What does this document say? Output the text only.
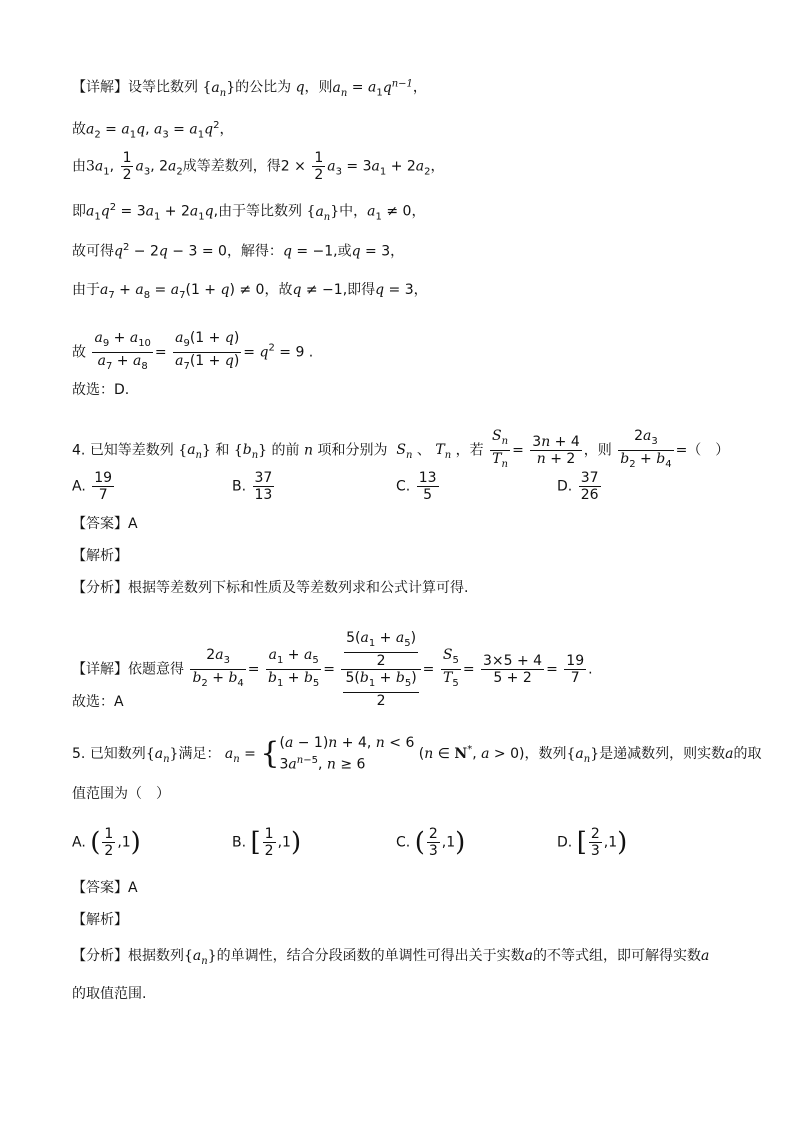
【详解】设等比数列 $\{a_n\}$的公比为 q，则$a_n = a_1q^{n-1}$，
故$a_2 = a_1q$, $a_3 = a_1q^2$，
由$3a_1$, $\frac{1}{2} a_3$, $2a_2$成等差数列，得$2 \times \frac{1}{2} a_3 = 3a_1 + 2a_2$，
即$a_1q^2 = 3a_1 + 2a_1q$,由于等比数列 $\{a_n\}$中，$a_1 \ne 0$，
故可得$q^2 - 2q - 3 = 0$，解得：q = −1,或q = 3，
由于$a_7 + a_8 = a_7(1 + q) \ne 0$，故q ≠ −1,即得q = 3，
故 $\frac{a_9 + a_{10}}{a_7 + a_8} = \frac{a_9(1 + q)}{a_7(1 + q)} = q^2 = 9$ .
故选：D.
4. 已知等差数列 $\{a_n\}$ 和 $\{b_n\}$ 的前 n 项和分别为 $S_n$ 、 $T_n$ ，若 $\frac{S_n}{T_n} = \frac{3n + 4}{n + 2}$ ，则 $\frac{2a_3}{b_2 + b_4}$ =（　）
A. $\frac{19}{7}$	B. $\frac{37}{13}$	C. $\frac{13}{5}$	D. $\frac{37}{26}$
【答案】A
【解析】
【分析】根据等差数列下标和性质及等差数列求和公式计算可得.
【详解】依题意得 $\frac{2a_3}{b_2 + b_4} = \frac{a_1 + a_5}{b_1 + b_5} = \frac{\frac{5(a_1 + a_5)}{2}}{\frac{5(b_1 + b_5)}{2}} = \frac{S_5}{T_5} = \frac{3\times 5 + 4}{5 + 2} = \frac{19}{7}$ .
故选：A
5. 已知数列$\{a_n\}$满足： $a_n$ = { (a − 1)n + 4, n < 6
$3a^{n-5}$, n ≥ 6
(n ∈ N*, a > 0)，数列$\{a_n\}$是递减数列，则实数a的取
值范围为（　）
A. ( $\frac{1}{2} ,1$)	B. [ $\frac{1}{2} ,1$)	C. ( $\frac{2}{3} ,1$)	D. [ $\frac{2}{3} ,1$)
【答案】A
【解析】
【分析】根据数列$\{a_n\}$的单调性，结合分段函数的单调性可得出关于实数a的不等式组，即可解得实数a
的取值范围.
